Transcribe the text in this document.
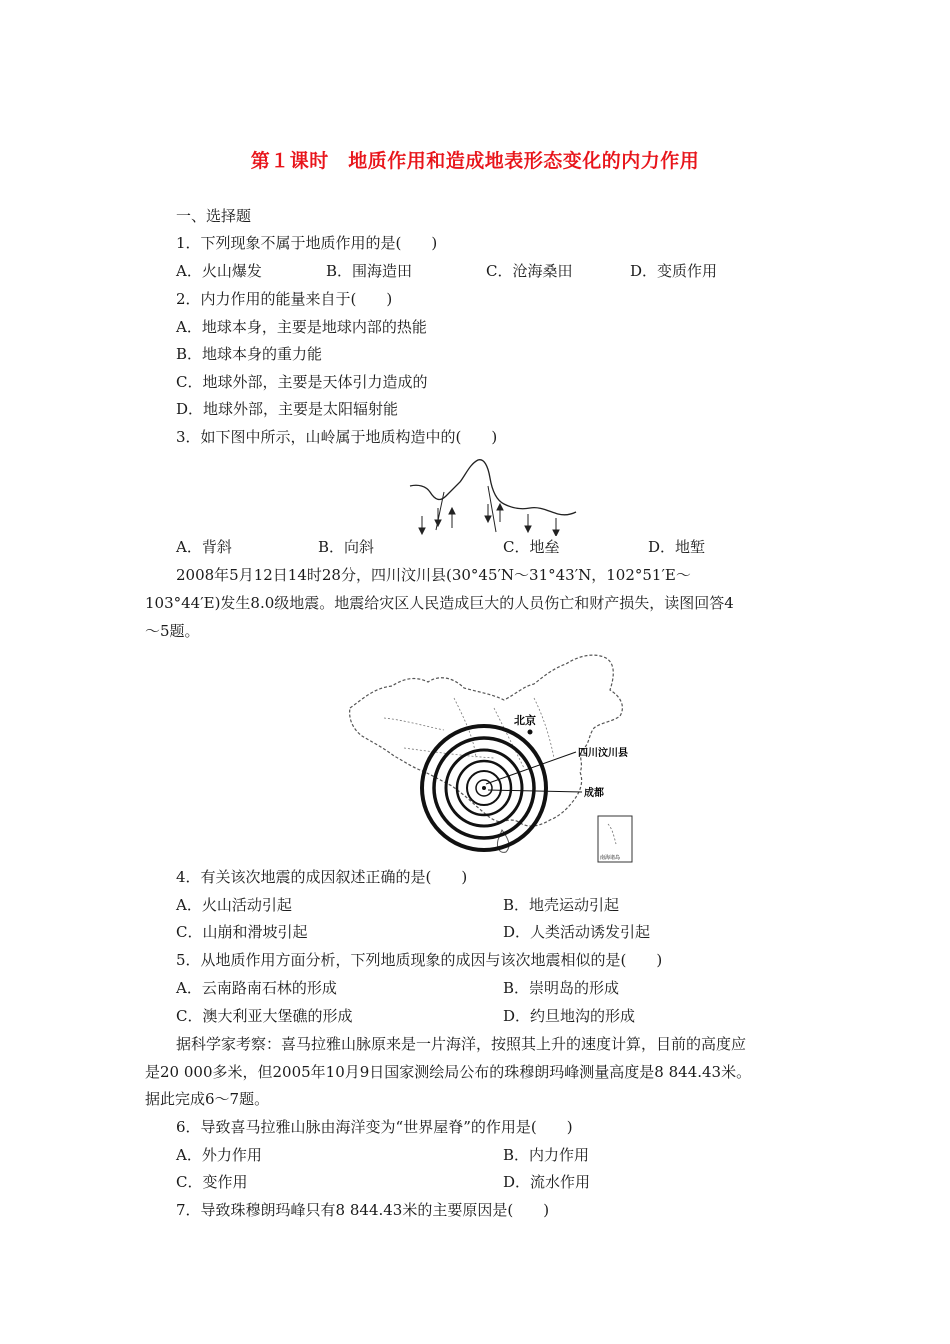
第１课时　地质作用和造成地表形态变化的内力作用
一、选择题
1．下列现象不属于地质作用的是(　　)
A．火山爆发	B．围海造田	C．沧海桑田	D．变质作用
2．内力作用的能量来自于(　　)
A．地球本身，主要是地球内部的热能
B．地球本身的重力能
C．地球外部，主要是天体引力造成的
D．地球外部，主要是太阳辐射能
3．如下图中所示，山岭属于地质构造中的(　　)
A．背斜	B．向斜	C．地垒	D．地堑
2008年5月12日14时28分，四川汶川县(30°45′N～31°43′N，102°51′E～
103°44′E)发生8.0级地震。地震给灾区人民造成巨大的人员伤亡和财产损失，读图回答4
～5题。
北京
四川汶川县
成都
南海诸岛
4．有关该次地震的成因叙述正确的是(　　)
A．火山活动引起	B．地壳运动引起
C．山崩和滑坡引起	D．人类活动诱发引起
5．从地质作用方面分析，下列地质现象的成因与该次地震相似的是(　　)
A．云南路南石林的形成	B．崇明岛的形成
C．澳大利亚大堡礁的形成	D．约旦地沟的形成
据科学家考察：喜马拉雅山脉原来是一片海洋，按照其上升的速度计算，目前的高度应
是20 000多米，但2005年10月9日国家测绘局公布的珠穆朗玛峰测量高度是8 844.43米。
据此完成6～7题。
6．导致喜马拉雅山脉由海洋变为“世界屋脊”的作用是(　　)
A．外力作用	B．内力作用
C．变作用	D．流水作用
7．导致珠穆朗玛峰只有8 844.43米的主要原因是(　　)
